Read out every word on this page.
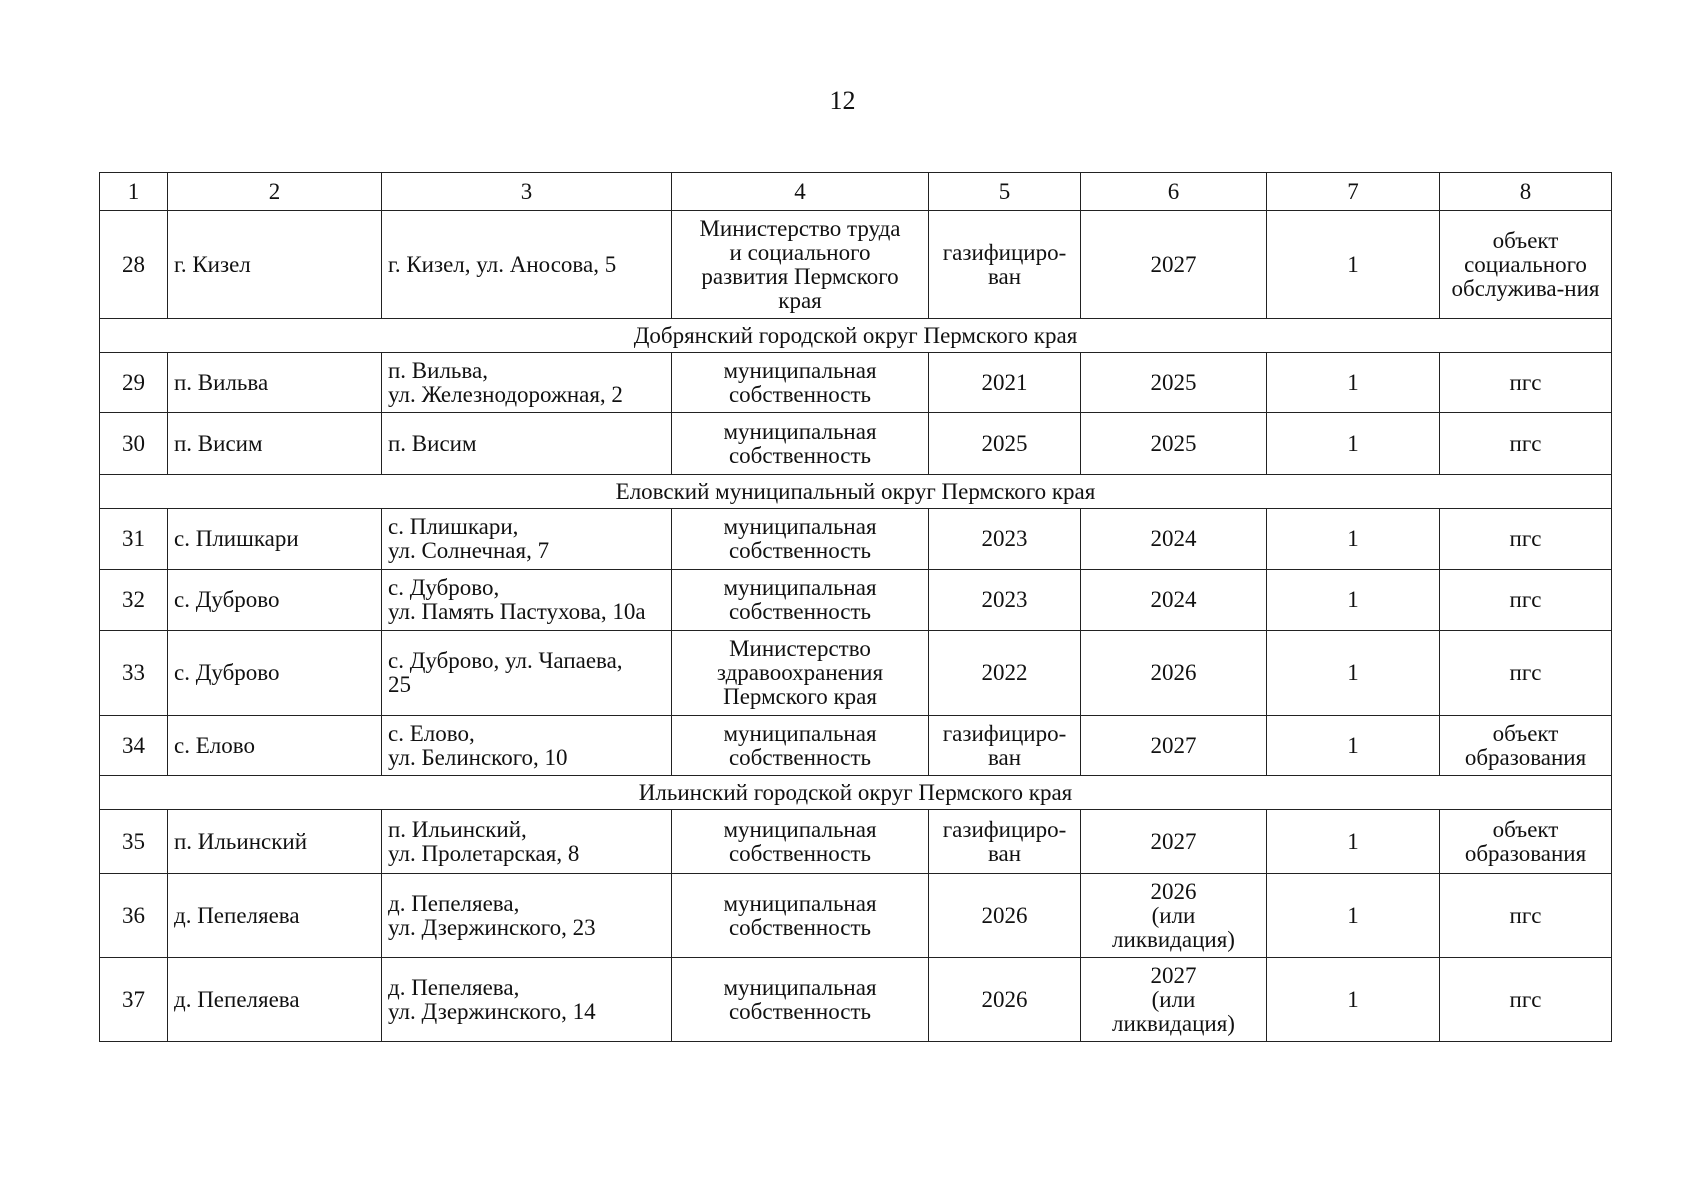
12
1	2	3	4	5	6	7	8
28	г. Кизел	г. Кизел, ул. Аносова, 5	Министерство труда
и социального
развития Пермского
края	газифициро-
ван	2027	1	объект
социального
обслужива-ния
Добрянский городской округ Пермского края							
29	п. Вильва	п. Вильва,
ул. Железнодорожная, 2	муниципальная
собственность	2021	2025	1	пгс
30	п. Висим	п. Висим	муниципальная
собственность	2025	2025	1	пгс
Еловский муниципальный округ Пермского края							
31	с. Плишкари	с. Плишкари,
ул. Солнечная, 7	муниципальная
собственность	2023	2024	1	пгс
32	с. Дуброво	с. Дуброво,
ул. Память Пастухова, 10а	муниципальная
собственность	2023	2024	1	пгс
33	с. Дуброво	с. Дуброво, ул. Чапаева,
25	Министерство
здравоохранения
Пермского края	2022	2026	1	пгс
34	с. Елово	с. Елово,
ул. Белинского, 10	муниципальная
собственность	газифициро-
ван	2027	1	объект
образования
Ильинский городской округ Пермского края							
35	п. Ильинский	п. Ильинский,
ул. Пролетарская, 8	муниципальная
собственность	газифициро-
ван	2027	1	объект
образования
36	д. Пепеляева	д. Пепеляева,
ул. Дзержинского, 23	муниципальная
собственность	2026	2026
(или
ликвидация)	1	пгс
37	д. Пепеляева	д. Пепеляева,
ул. Дзержинского, 14	муниципальная
собственность	2026	2027
(или
ликвидация)	1	пгс
